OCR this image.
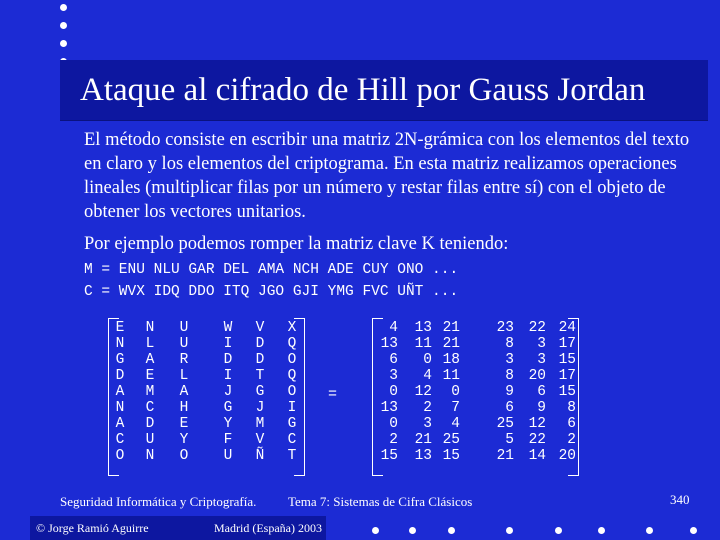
Ataque al cifrado de Hill por Gauss Jordan
El método consiste en escribir una matriz 2N-grámica con los elementos del texto en claro y los elementos del criptograma. En esta matriz realizamos operaciones lineales (multiplicar filas por un número y restar filas entre sí) con el objeto de obtener los vectores unitarios.
Por ejemplo podemos romper la matriz clave K teniendo:
M = ENU NLU GAR DEL AMA NCH ADE CUY ONO ...
C = WVX IDQ DDO ITQ JGO GJI YMG FVC UÑT ...
E
N
G
D
A
N
A
C
O
N
L
A
E
M
C
D
U
N
U
U
R
L
A
H
E
Y
O
W
I
D
I
J
G
Y
F
U
V
D
D
T
G
J
M
V
Ñ
X
Q
O
Q
O
I
G
C
T
=
4
13
6
3
0
13
0
2
15
13
11
0
4
12
2
3
21
13
21
21
18
11
0
7
4
25
15
23
8
3
8
9
6
25
5
21
22
3
3
20
6
9
12
22
14
24
17
15
17
15
8
6
2
20
Seguridad Informática y Criptografía. Tema 7: Sistemas de Cifra Clásicos	340
© Jorge Ramió Aguirre	Madrid (España) 2003
